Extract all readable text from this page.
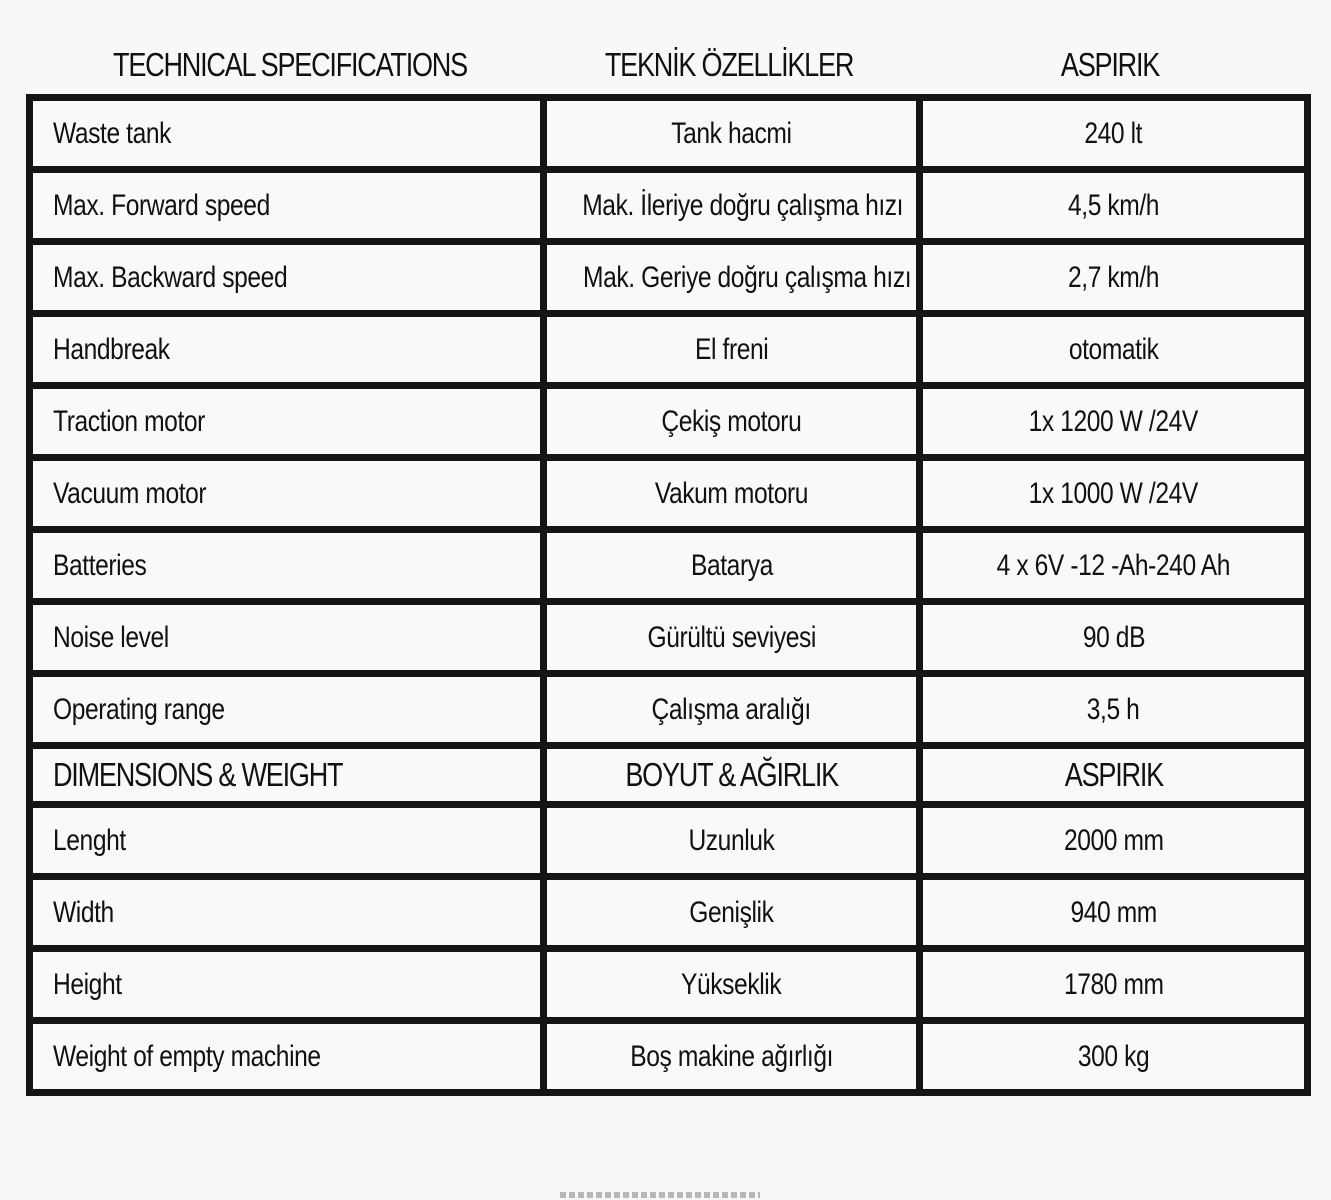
TECHNICAL SPECIFICATIONS	TEKNİK ÖZELLİKLER	ASPIRIK
Waste tank	Tank hacmi	240 lt
Max. Forward speed	Mak. İleriye doğru çalışma hızı	4,5 km/h
Max. Backward speed	Mak. Geriye doğru çalışma hızı	2,7 km/h
Handbreak	El freni	otomatik
Traction motor	Çekiş motoru	1x 1200 W /24V
Vacuum motor	Vakum motoru	1x 1000 W /24V
Batteries	Batarya	4 x 6V -12 -Ah-240 Ah
Noise level	Gürültü seviyesi	90 dB
Operating range	Çalışma aralığı	3,5 h
DIMENSIONS & WEIGHT	BOYUT & AĞIRLIK	ASPIRIK
Lenght	Uzunluk	2000 mm
Width	Genişlik	940 mm
Height	Yükseklik	1780 mm
Weight of empty machine	Boş makine ağırlığı	300 kg
